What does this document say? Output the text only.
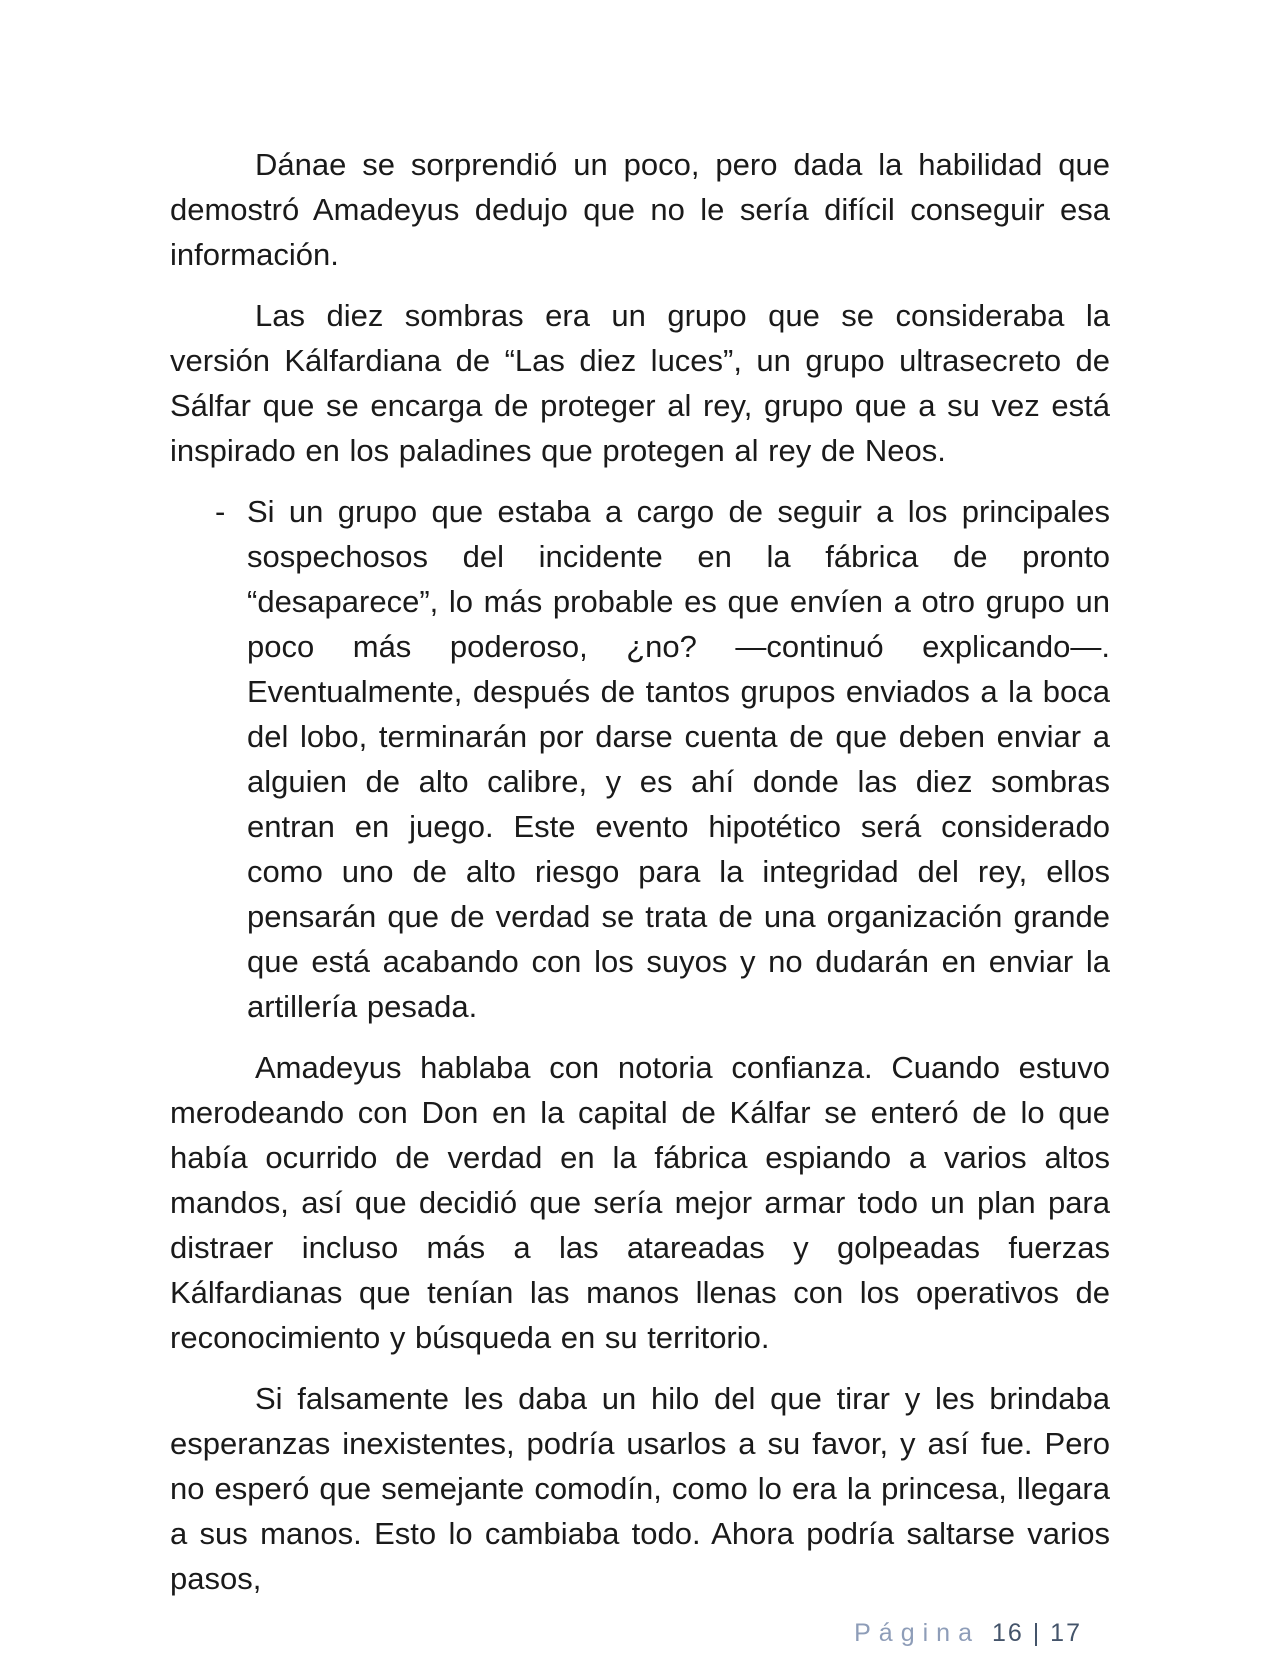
Dánae se sorprendió un poco, pero dada la habilidad que demostró Amadeyus dedujo que no le sería difícil conseguir esa información.

Las diez sombras era un grupo que se consideraba la versión Kálfardiana de “Las diez luces”, un grupo ultrasecreto de Sálfar que se encarga de proteger al rey, grupo que a su vez está inspirado en los paladines que protegen al rey de Neos.

- Si un grupo que estaba a cargo de seguir a los principales sospechosos del incidente en la fábrica de pronto “desaparece”, lo más probable es que envíen a otro grupo un poco más poderoso, ¿no? —continuó explicando—. Eventualmente, después de tantos grupos enviados a la boca del lobo, terminarán por darse cuenta de que deben enviar a alguien de alto calibre, y es ahí donde las diez sombras entran en juego. Este evento hipotético será considerado como uno de alto riesgo para la integridad del rey, ellos pensarán que de verdad se trata de una organización grande que está acabando con los suyos y no dudarán en enviar la artillería pesada.

Amadeyus hablaba con notoria confianza. Cuando estuvo merodeando con Don en la capital de Kálfar se enteró de lo que había ocurrido de verdad en la fábrica espiando a varios altos mandos, así que decidió que sería mejor armar todo un plan para distraer incluso más a las atareadas y golpeadas fuerzas Kálfardianas que tenían las manos llenas con los operativos de reconocimiento y búsqueda en su territorio.

Si falsamente les daba un hilo del que tirar y les brindaba esperanzas inexistentes, podría usarlos a su favor, y así fue. Pero no esperó que semejante comodín, como lo era la princesa, llegara a sus manos. Esto lo cambiaba todo. Ahora podría saltarse varios pasos,

Página 16 | 17
